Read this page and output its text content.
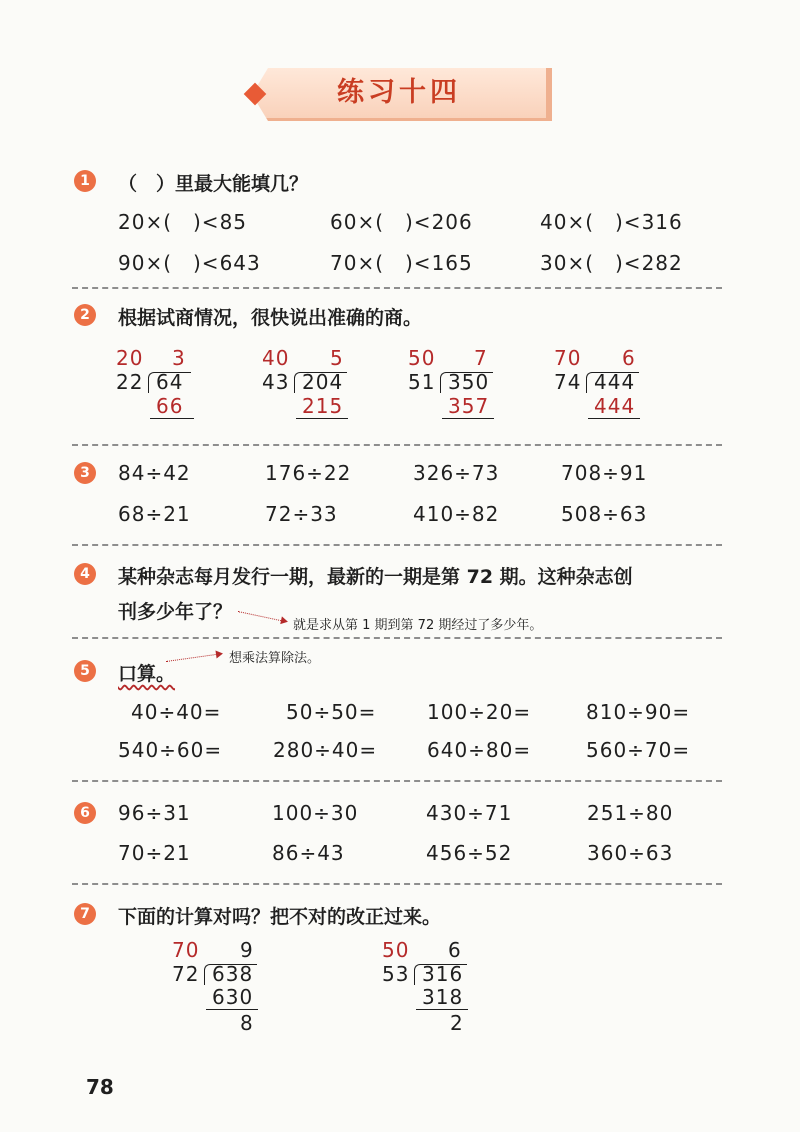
练习十四
1	（　）里最大能填几？
20×(　)<85	60×(　)<206	40×(　)<316
90×(　)<643	70×(　)<165	30×(　)<282
2	根据试商情况，很快说出准确的商。
20 3
22 64
66
40 5
43 204
215
50 7
51 350
357
70 6
74 444
444
3	84÷42	176÷22	326÷73	708÷91
68÷21	72÷33	410÷82	508÷63
4	某种杂志每月发行一期，最新的一期是第 72 期。这种杂志创
刊多少年了？
就是求从第 1 期到第 72 期经过了多少年。
5	口算。
想乘法算除法。
40÷40=	50÷50=	100÷20=	810÷90=
540÷60=	280÷40= 640÷80=	560÷70=
6	96÷31	100÷30	430÷71	251÷80
70÷21	86÷43	456÷52	360÷63
7	下面的计算对吗？把不对的改正过来。
70 9
72 638
630
8
50 6
53 316
318
2
78
